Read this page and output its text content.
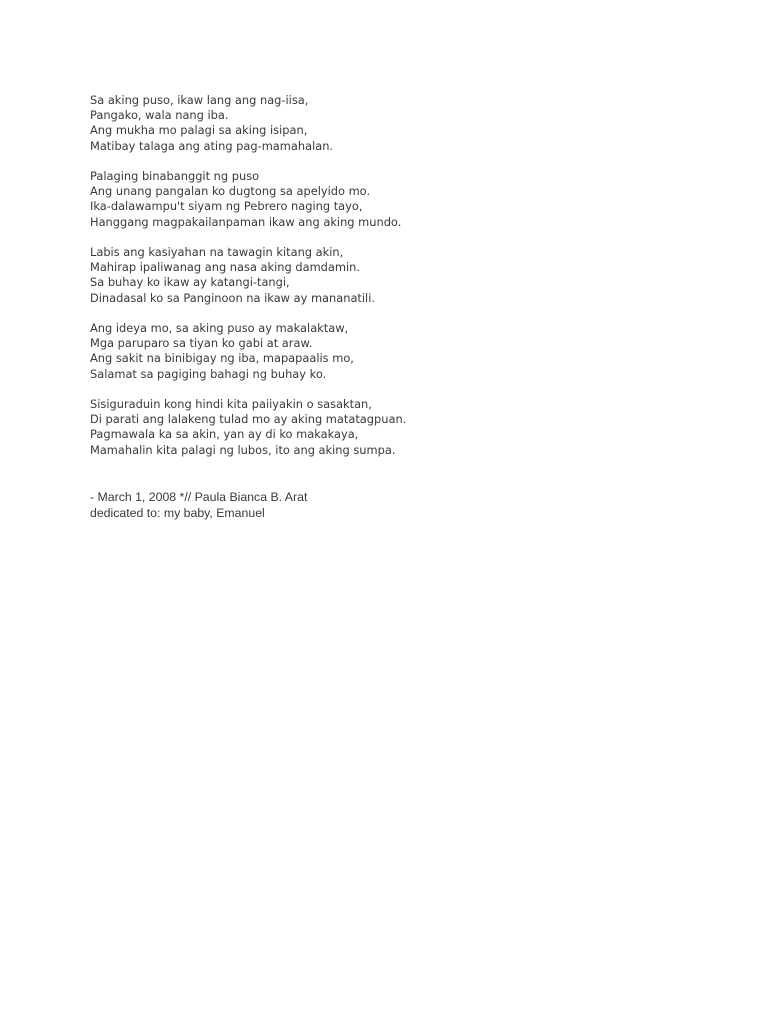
Sa aking puso, ikaw lang ang nag-iisa,
Pangako, wala nang iba.
Ang mukha mo palagi sa aking isipan,
Matibay talaga ang ating pag-mamahalan.
Palaging binabanggit ng puso
Ang unang pangalan ko dugtong sa apelyido mo.
Ika-dalawampu't siyam ng Pebrero naging tayo,
Hanggang magpakailanpaman ikaw ang aking mundo.
Labis ang kasiyahan na tawagin kitang akin,
Mahirap ipaliwanag ang nasa aking damdamin.
Sa buhay ko ikaw ay katangi-tangi,
Dinadasal ko sa Panginoon na ikaw ay mananatili.
Ang ideya mo, sa aking puso ay makalaktaw,
Mga paruparo sa tiyan ko gabi at araw.
Ang sakit na binibigay ng iba, mapapaalis mo,
Salamat sa pagiging bahagi ng buhay ko.
Sisiguraduin kong hindi kita paiiyakin o sasaktan,
Di parati ang lalakeng tulad mo ay aking matatagpuan.
Pagmawala ka sa akin, yan ay di ko makakaya,
Mamahalin kita palagi ng lubos, ito ang aking sumpa.
- March 1, 2008 *// Paula Bianca B. Arat
dedicated to: my baby, Emanuel
